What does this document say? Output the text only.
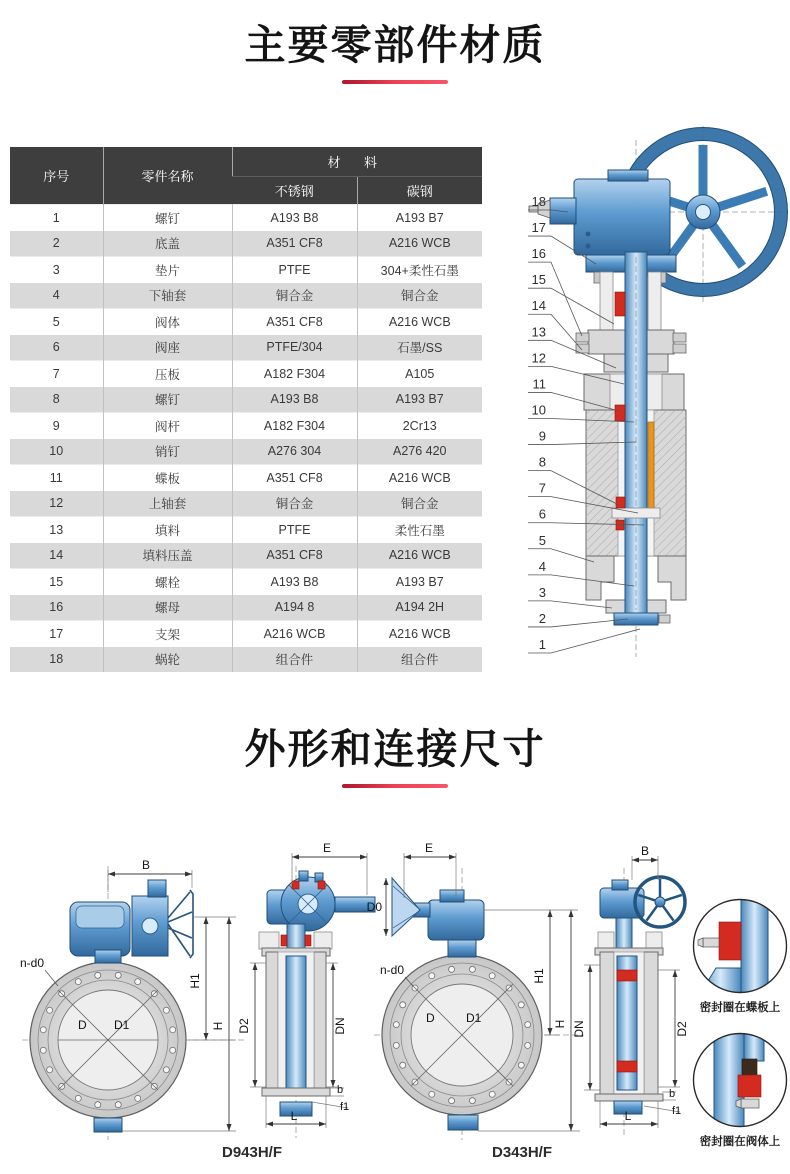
主要零部件材质
序号	零件名称	材 料	
		不锈钢	碳钢
1	螺钉	A193 B8	A193 B7
2	底盖	A351 CF8	A216 WCB
3	垫片	PTFE	304+柔性石墨
4	下轴套	铜合金	铜合金
5	阀体	A351 CF8	A216 WCB
6	阀座	PTFE/304	石墨/SS
7	压板	A182 F304	A105
8	螺钉	A193 B8	A193 B7
9	阀杆	A182 F304	2Cr13
10	销钉	A276 304	A276 420
11	蝶板	A351 CF8	A216 WCB
12	上轴套	铜合金	铜合金
13	填料	PTFE	柔性石墨
14	填料压盖	A351 CF8	A216 WCB
15	螺栓	A193 B8	A193 B7
16	螺母	A194 8	A194 2H
17	支架	A216 WCB	A216 WCB
18	蜗轮	组合件	组合件
18
17
16
15
14
13
12
11
10
9
8
7
6
5
4
3
2
1
外形和连接尺寸
B
n-d0
D D1
H1
H
E
D2	DN
b
f1
L
D943H/F
D0
E
n-d0
D	D1
H1
H
B
DN	D2
b
f1
L
D343H/F
密封圈在蝶板上
密封圈在阀体上
